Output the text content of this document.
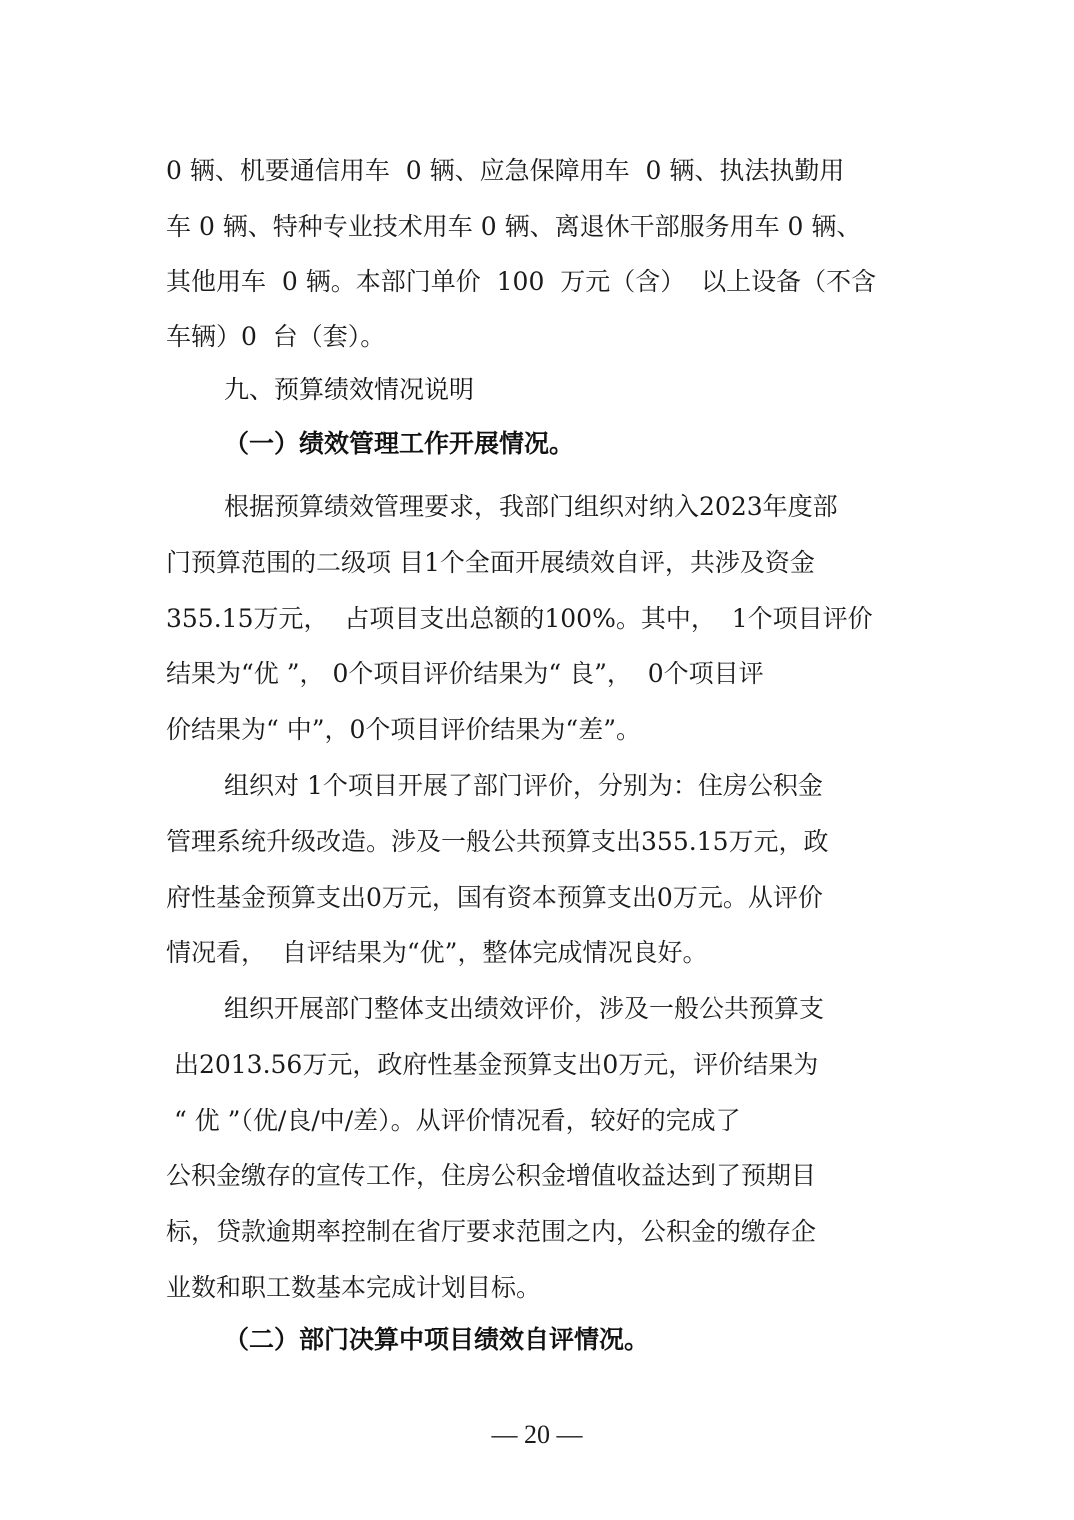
0 辆、机要通信用车  0 辆、应急保障用车  0 辆、执法执勤用
车 0 辆、特种专业技术用车 0 辆、离退休干部服务用车 0 辆、
其他用车  0 辆。本部门单价  100  万元（含）  以上设备（不含
车辆）0  台（套）。
九、预算绩效情况说明
（一）绩效管理工作开展情况。
根据预算绩效管理要求，我部门组织对纳入2023年度部
门预算范围的二级项 目1个全面开展绩效自评，共涉及资金
355.15万元，  占项目支出总额的100%。其中，  1个项目评价
结果为“优 ”， 0个项目评价结果为“ 良”，  0个项目评
价结果为“ 中”，0个项目评价结果为“差”。
组织对 1个项目开展了部门评价，分别为：住房公积金
管理系统升级改造。涉及一般公共预算支出355.15万元，政
府性基金预算支出0万元，国有资本预算支出0万元。从评价
情况看，  自评结果为“优”，整体完成情况良好。
组织开展部门整体支出绩效评价，涉及一般公共预算支
出2013.56万元，政府性基金预算支出0万元，评价结果为
“ 优 ”（优/良/中/差）。从评价情况看，较好的完成了
公积金缴存的宣传工作，住房公积金增值收益达到了预期目
标，贷款逾期率控制在省厅要求范围之内，公积金的缴存企
业数和职工数基本完成计划目标。
（二）部门决算中项目绩效自评情况。
— 20 —
